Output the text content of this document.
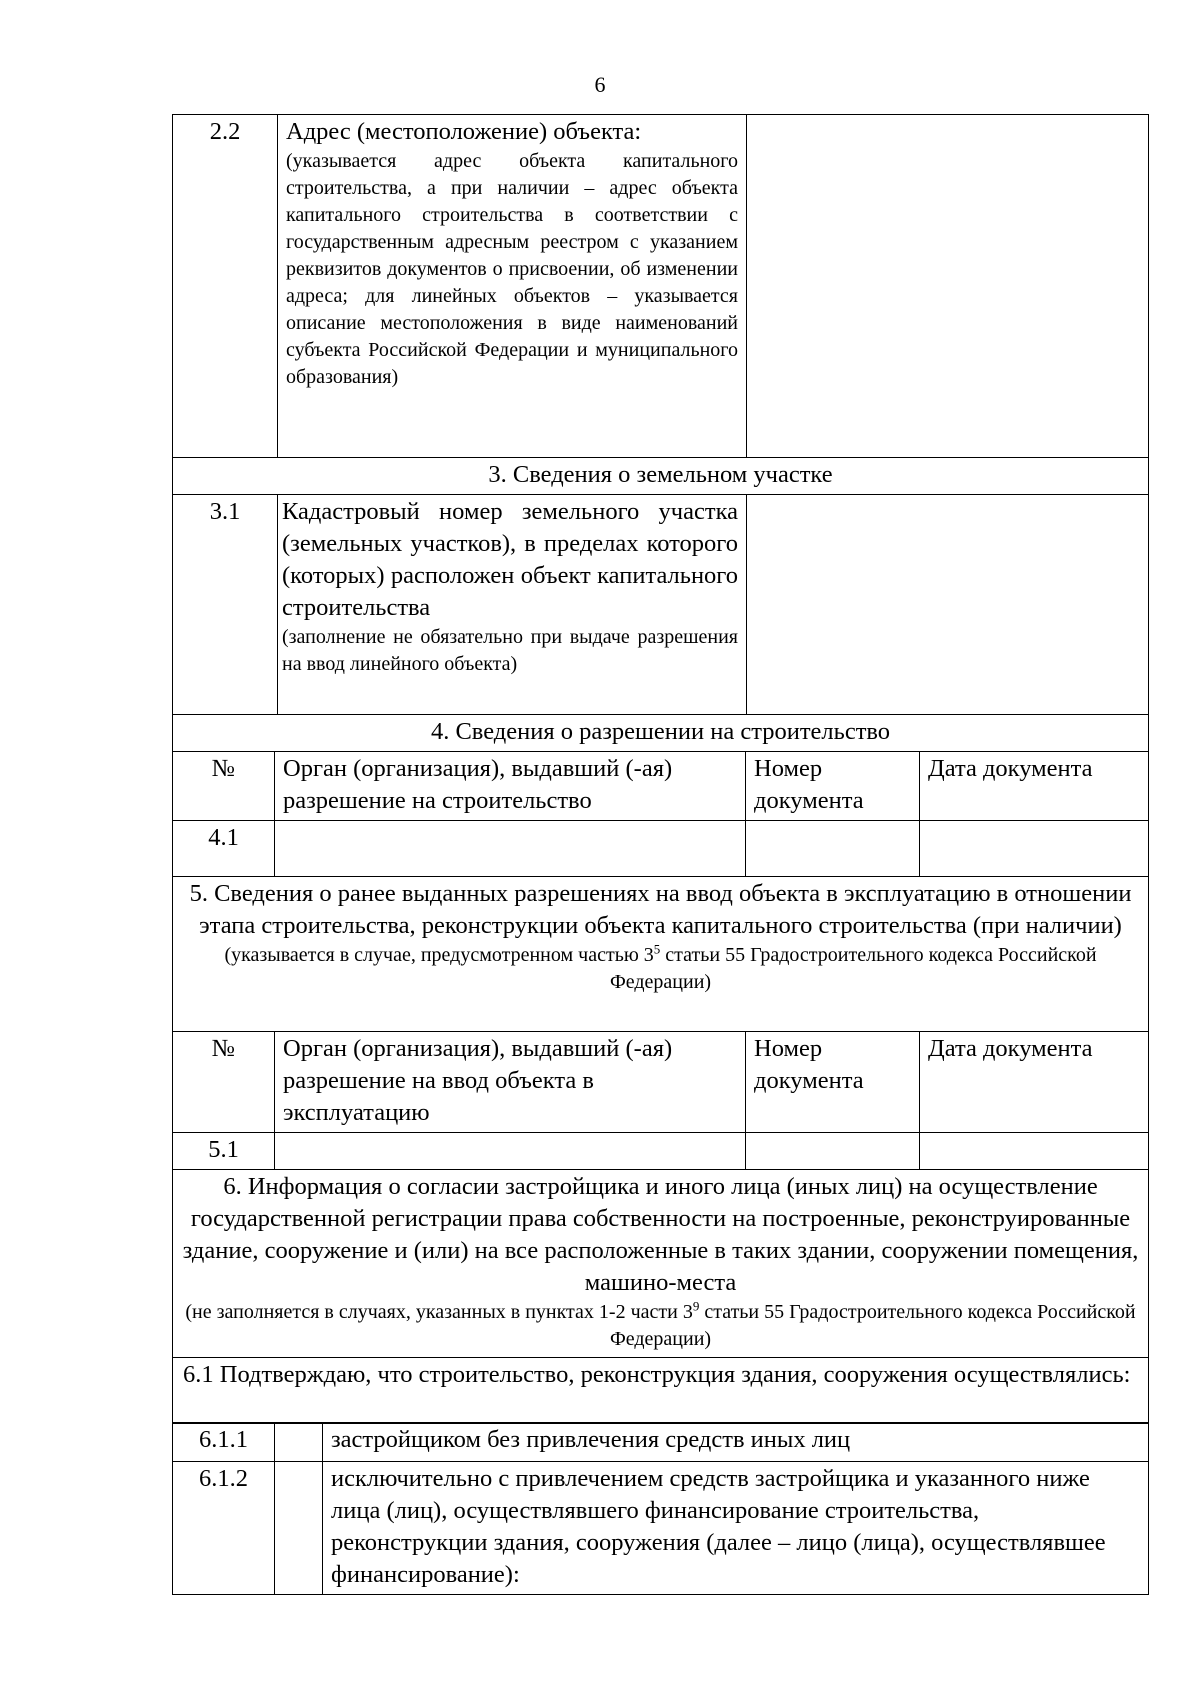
6
2.2	Адрес (местоположение) объекта:
(указывается адрес объекта капитального строительства, а при наличии – адрес объекта капитального строительства в соответствии с государственным адресным реестром с указанием реквизитов документов о присвоении, об изменении адреса; для линейных объектов – указывается описание местоположения в виде наименований субъекта Российской Федерации и муниципального образования)	

3. Сведения о земельном участке		
3.1	Кадастровый номер земельного участка (земельных участков), в пределах которого (которых) расположен объект капитального строительства
(заполнение не обязательно при выдаче разрешения на ввод линейного объекта)	

4. Сведения о разрешении на строительство			
№	Орган (организация), выдавший (-ая) разрешение на строительство	Номер документа	Дата документа
4.1			
5. Сведения о ранее выданных разрешениях на ввод объекта в эксплуатацию в отношении этапа строительства, реконструкции объекта капитального строительства (при наличии)
(указывается в случае, предусмотренном частью $3^5$ статьи 55 Градостроительного кодекса Российской Федерации)			

№	Орган (организация), выдавший (-ая) разрешение на ввод объекта в эксплуатацию	Номер документа	Дата документа
5.1			
6. Информация о согласии застройщика и иного лица (иных лиц) на осуществление государственной регистрации права собственности на построенные, реконструированные здание, сооружение и (или) на все расположенные в таких здании, сооружении помещения, машино-места
(не заполняется в случаях, указанных в пунктах 1-2 части $3^9$ статьи 55 Градостроительного кодекса Российской Федерации)			

6.1 Подтверждаю, что строительство, реконструкция здания, сооружения осуществлялись:			
6.1.1		застройщиком без привлечения средств иных лиц
6.1.2		исключительно с привлечением средств застройщика и указанного ниже лица (лиц), осуществлявшего финансирование строительства, реконструкции здания, сооружения (далее – лицо (лица), осуществлявшее финансирование):
